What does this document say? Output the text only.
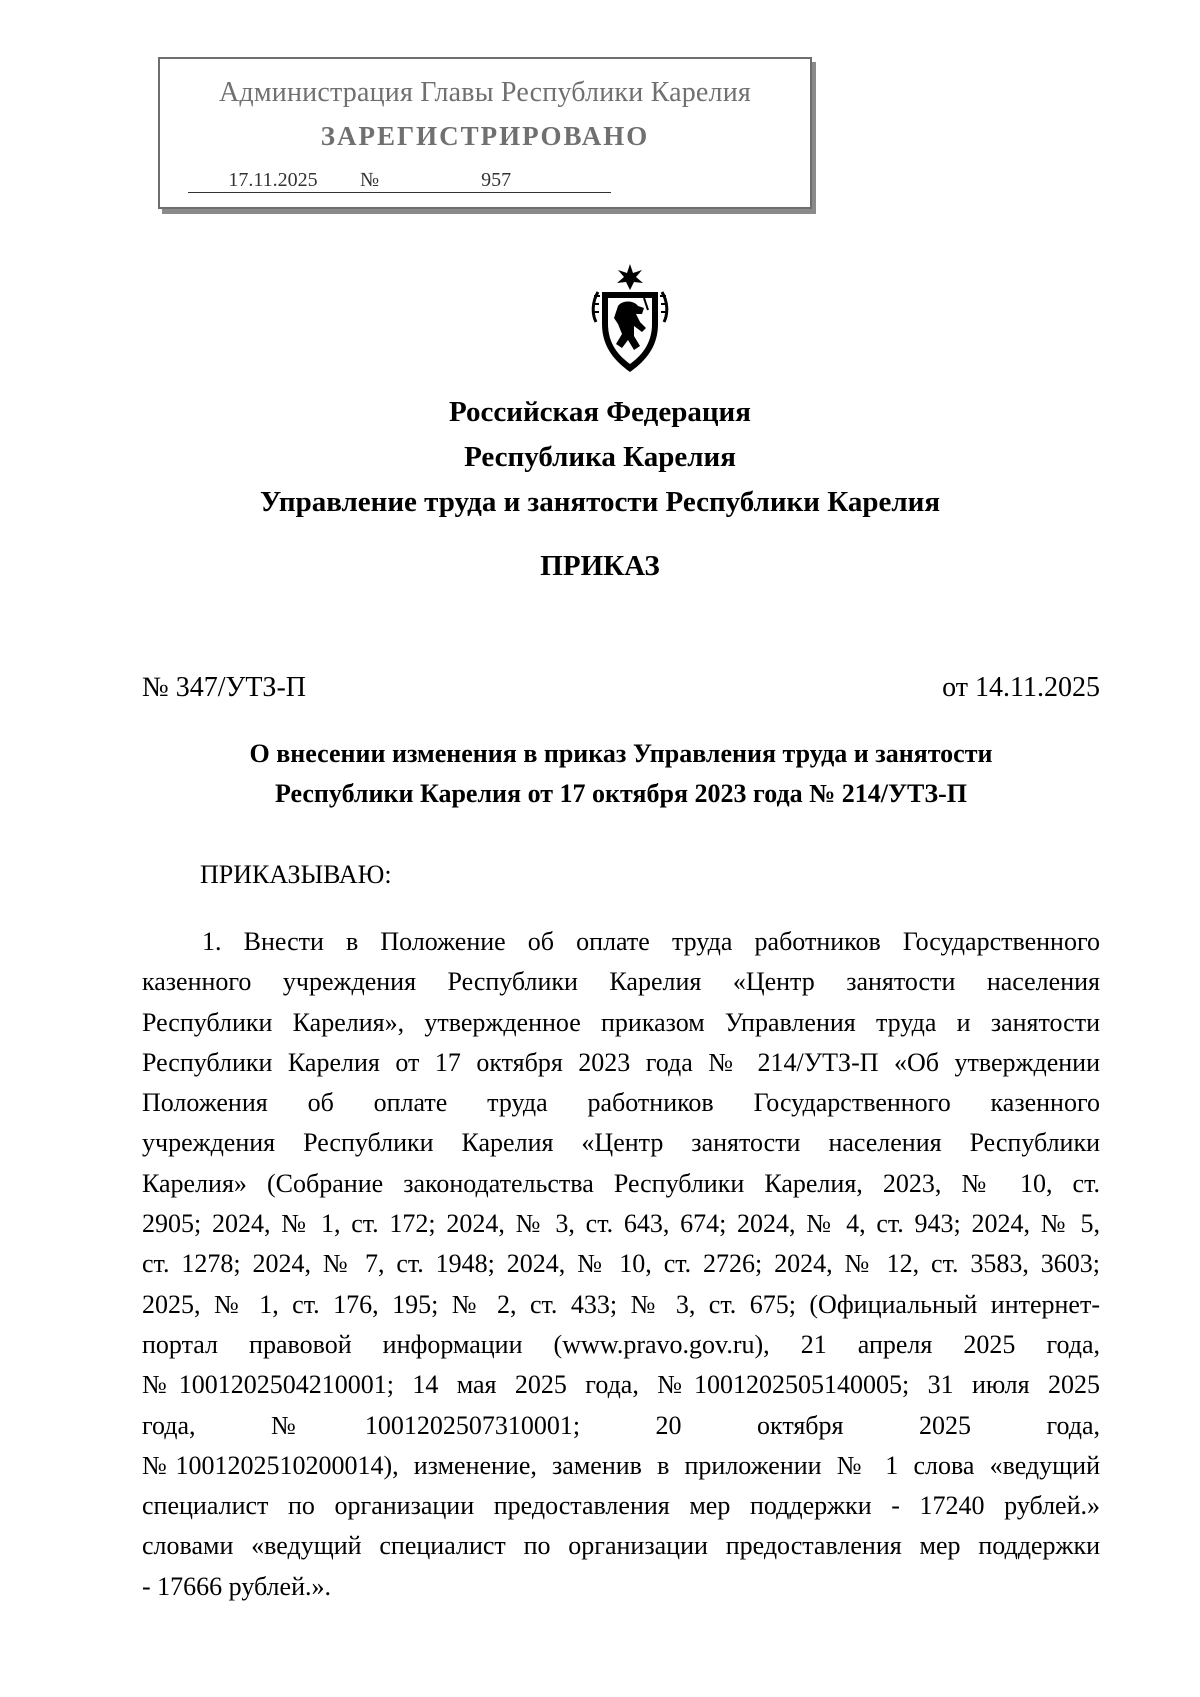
Администрация Главы Республики Карелия
ЗАРЕГИСТРИРОВАНО
17.11.2025 №	957
Российская Федерация
Республика Карелия
Управление труда и занятости Республики Карелия
ПРИКАЗ
№ 347/УТЗ-П	от 14.11.2025
О внесении изменения в приказ Управления труда и занятости
Республики Карелия от 17 октября 2023 года № 214/УТЗ-П
ПРИКАЗЫВАЮ:
1. Внести в Положение об оплате труда работников Государственного
казенного учреждения Республики Карелия «Центр занятости населения
Республики Карелия», утвержденное приказом Управления труда и занятости
Республики Карелия от 17 октября 2023 года № 214/УТЗ-П «Об утверждении
Положения об оплате труда работников Государственного казенного
учреждения Республики Карелия «Центр занятости населения Республики
Карелия» (Собрание законодательства Республики Карелия, 2023, № 10, ст.
2905; 2024, № 1, ст. 172; 2024, № 3, ст. 643, 674; 2024, № 4, ст. 943; 2024, № 5,
ст. 1278; 2024, № 7, ст. 1948; 2024, № 10, ст. 2726; 2024, № 12, ст. 3583, 3603;
2025, № 1, ст. 176, 195; № 2, ст. 433; № 3, ст. 675; (Официальный интернет-
портал правовой информации (www.pravo.gov.ru), 21 апреля 2025 года,
№1001202504210001; 14 мая 2025 года, №1001202505140005; 31 июля 2025
года, №1001202507310001; 20 октября 2025 года,
№1001202510200014), изменение, заменив в приложении № 1 слова «ведущий
специалист по организации предоставления мер поддержки - 17240 рублей.»
словами «ведущий специалист по организации предоставления мер поддержки
- 17666 рублей.».
